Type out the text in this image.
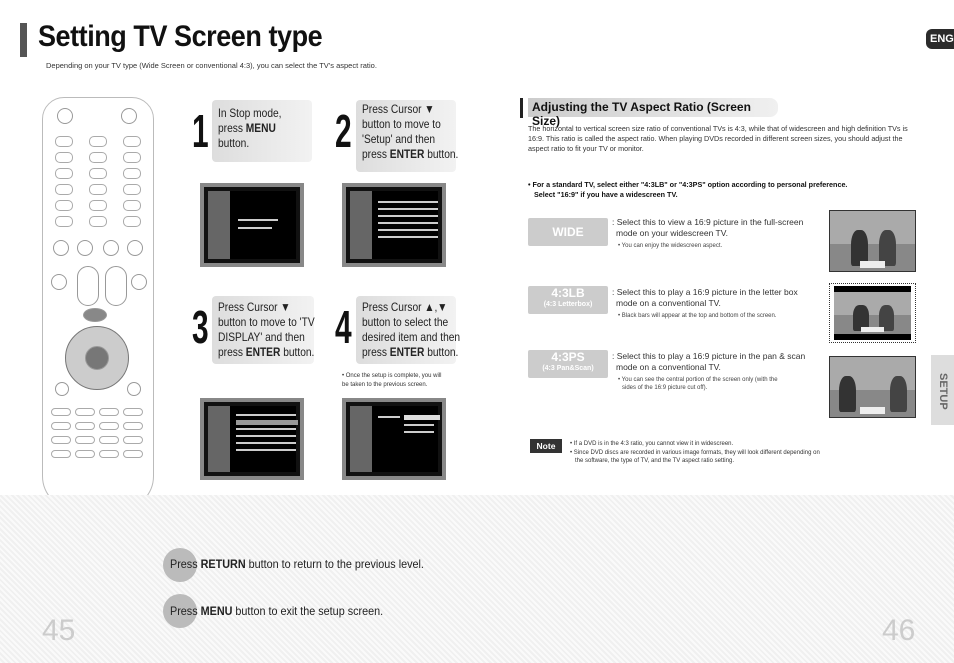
Setting TV Screen type
Depending on your TV type (Wide Screen or conventional 4:3), you can select the TV's aspect ratio.
ENG
1 In Stop mode,
press MENU
button.	2 Press Cursor ▼
button to move to
'Setup' and then
press ENTER button.
3 Press Cursor ▼
button to move to 'TV
DISPLAY' and then
press ENTER button. 4 Press Cursor ▲,▼
button to select the
desired item and then
press ENTER button.
• Once the setup is complete, you will
be taken to the previous screen.
Adjusting the TV Aspect Ratio (Screen Size)
The horizontal to vertical screen size ratio of conventional TVs is 4:3, while that of widescreen and high definition TVs is 16:9. This ratio is called the aspect ratio. When playing DVDs recorded in different screen sizes, you should adjust the aspect ratio to fit your TV or monitor.
• For a standard TV, select either "4:3LB" or "4:3PS" option according to personal preference.
Select "16:9" if you have a widescreen TV.
WIDE
: Select this to view a 16:9 picture in the full-screen
mode on your widescreen TV.
• You can enjoy the widescreen aspect.
4:3LB
(4:3 Letterbox)
: Select this to play a 16:9 picture in the letter box
mode on a conventional TV.
• Black bars will appear at the top and bottom of the screen.
4:3PS
(4:3 Pan&Scan)
: Select this to play a 16:9 picture in the pan & scan
mode on a conventional TV.
• You can see the central portion of the screen only (with the
sides of the 16:9 picture cut off).
Note	• If a DVD is in the 4:3 ratio, you cannot view it in widescreen.
• Since DVD discs are recorded in various image formats, they will look different depending on
the software, the type of TV, and the TV aspect ratio setting.
SETUP
Press RETURN button to return to the previous level.
Press MENU button to exit the setup screen.
45	46
